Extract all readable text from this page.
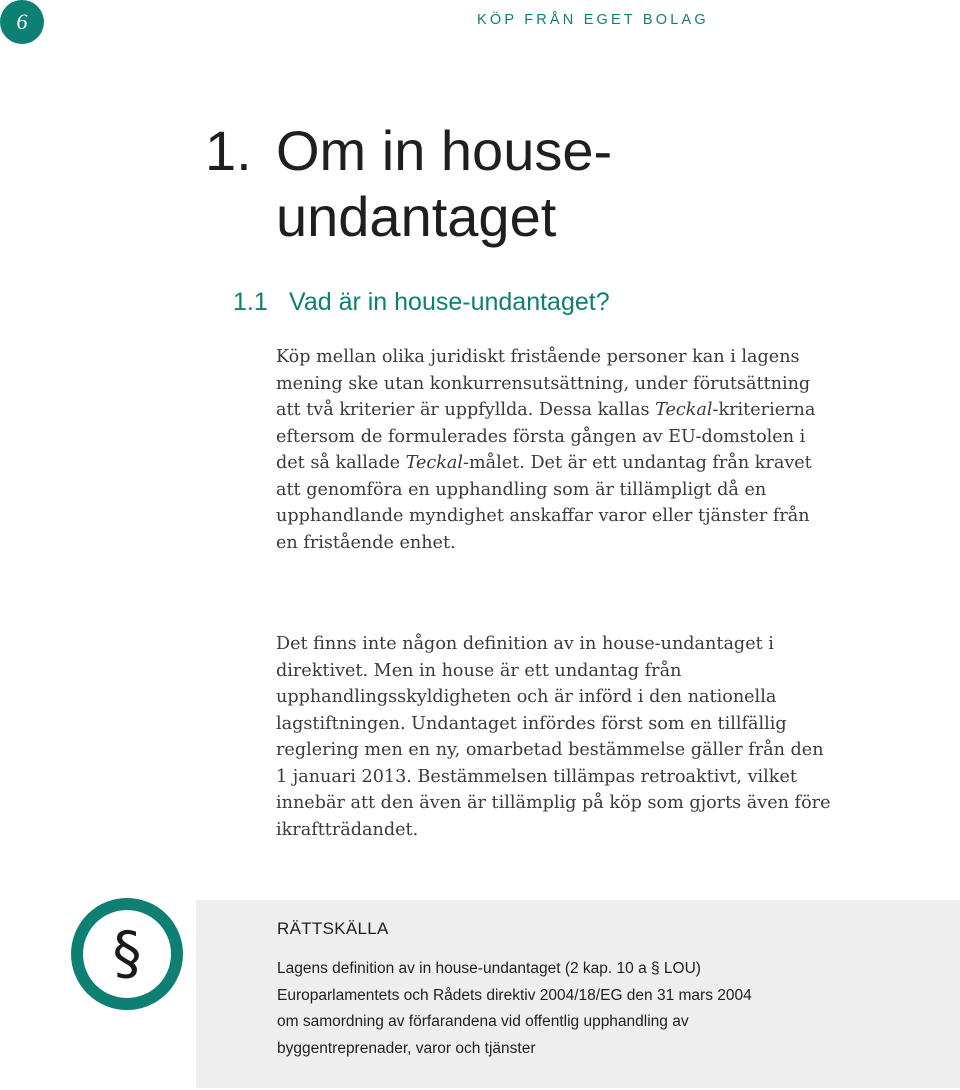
6	KÖP FRÅN EGET BOLAG
1. Om in house-undantaget
1.1 Vad är in house-undantaget?

Köp mellan olika juridiskt fristående personer kan i lagens mening ske utan konkurrensutsättning, under förutsättning att två kriterier är uppfyllda. Dessa kallas Teckal-kriterierna eftersom de formulerades första gången av EU-domstolen i det så kallade Teckal-målet. Det är ett undantag från kravet att genomföra en upphandling som är tillämpligt då en upphandlande myndighet anskaffar varor eller tjänster från en fristående enhet.

Det finns inte någon definition av in house-undantaget i direktivet. Men in house är ett undantag från upphandlingsskyldigheten och är införd i den nationella lagstiftningen. Undantaget infördes först som en tillfällig reglering men en ny, omarbetad bestämmelse gäller från den 1 januari 2013. Bestämmelsen tillämpas retroaktivt, vilket innebär att den även är tillämplig på köp som gjorts även före ikraftträdandet.

§	RÄTTSKÄLLA
Lagens definition av in house-undantaget (2 kap. 10 a § LOU)
Europarlamentets och Rådets direktiv 2004/18/EG den 31 mars 2004
om samordning av förfarandena vid offentlig upphandling av
byggentreprenader, varor och tjänster
